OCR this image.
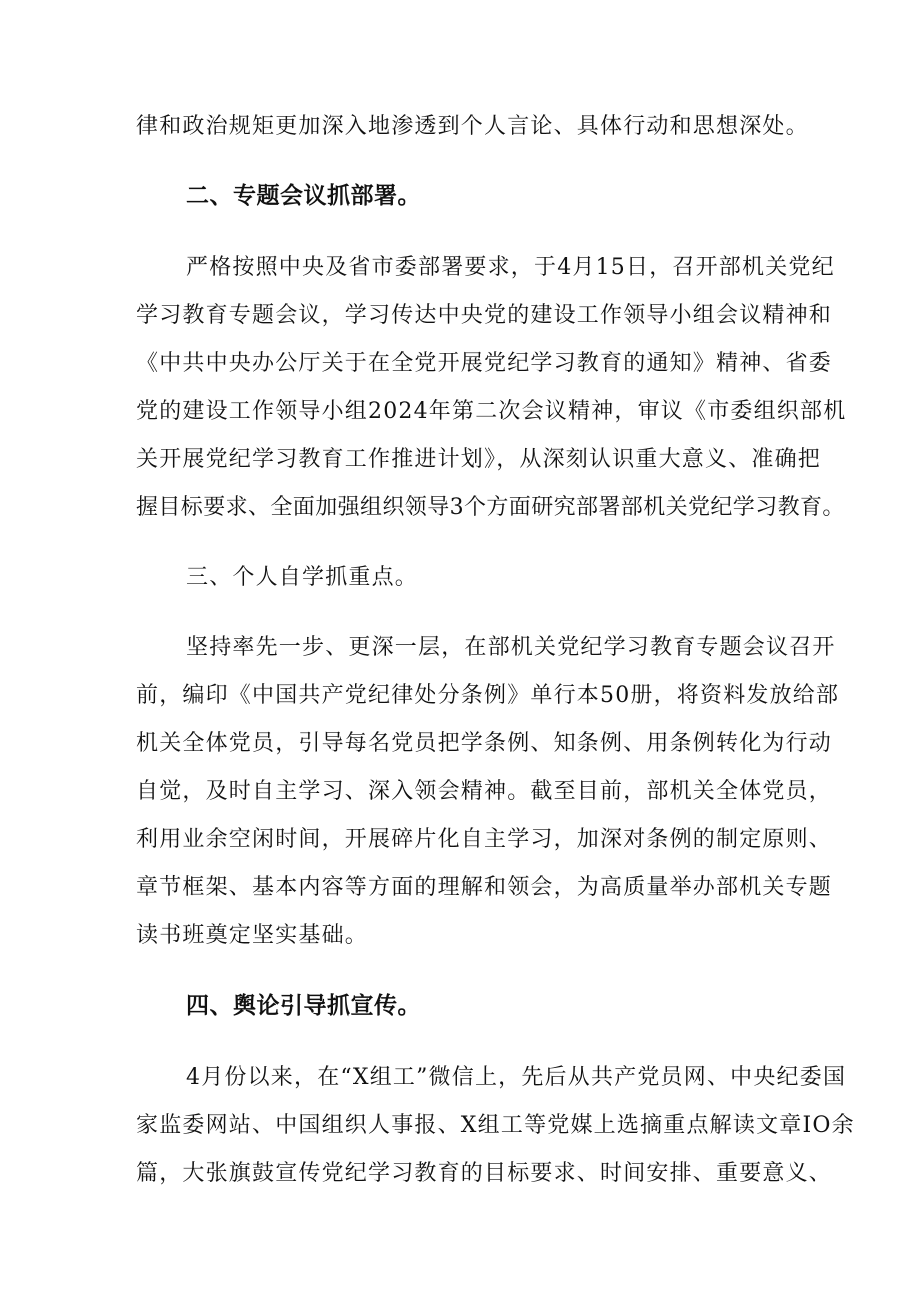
律和政治规矩更加深入地渗透到个人言论、具体行动和思想深处。

二、专题会议抓部署。

严格按照中央及省市委部署要求，于4月15日，召开部机关党纪

学习教育专题会议，学习传达中央党的建设工作领导小组会议精神和

《中共中央办公厅关于在全党开展党纪学习教育的通知》精神、省委

党的建设工作领导小组2024年第二次会议精神，审议《市委组织部机

关开展党纪学习教育工作推进计划》，从深刻认识重大意义、准确把

握目标要求、全面加强组织领导3个方面研究部署部机关党纪学习教育。

三、个人自学抓重点。

坚持率先一步、更深一层，在部机关党纪学习教育专题会议召开

前，编印《中国共产党纪律处分条例》单行本50册，将资料发放给部

机关全体党员，引导每名党员把学条例、知条例、用条例转化为行动

自觉，及时自主学习、深入领会精神。截至目前，部机关全体党员，

利用业余空闲时间，开展碎片化自主学习，加深对条例的制定原则、

章节框架、基本内容等方面的理解和领会，为高质量举办部机关专题

读书班奠定坚实基础。

四、舆论引导抓宣传。

4月份以来，在“X组工”微信上，先后从共产党员网、中央纪委国

家监委网站、中国组织人事报、X组工等党媒上选摘重点解读文章IO余

篇，大张旗鼓宣传党纪学习教育的目标要求、时间安排、重要意义、
